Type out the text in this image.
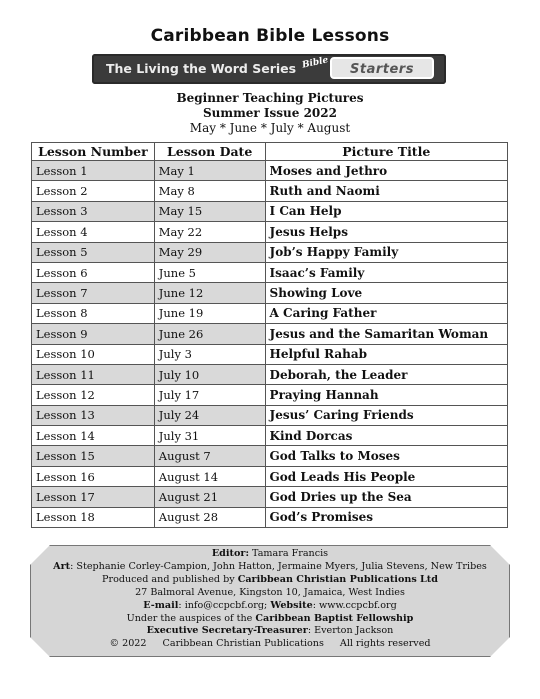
Caribbean Bible Lessons
The Living the Word Series Bible	Starters
Beginner Teaching Pictures
Summer Issue 2022
May * June * July * August
Lesson Number	Lesson Date	Picture Title
Lesson 1	May 1	Moses and Jethro
Lesson 2	May 8	Ruth and Naomi
Lesson 3	May 15	I Can Help
Lesson 4	May 22	Jesus Helps
Lesson 5	May 29	Job’s Happy Family
Lesson 6	June 5	Isaac’s Family
Lesson 7	June 12	Showing Love
Lesson 8	June 19	A Caring Father
Lesson 9	June 26	Jesus and the Samaritan Woman
Lesson 10	July 3	Helpful Rahab
Lesson 11	July 10	Deborah, the Leader
Lesson 12	July 17	Praying Hannah
Lesson 13	July 24	Jesus’ Caring Friends
Lesson 14	July 31	Kind Dorcas
Lesson 15	August 7	God Talks to Moses
Lesson 16	August 14	God Leads His People
Lesson 17	August 21	God Dries up the Sea
Lesson 18	August 28	God’s Promises
Editor: Tamara Francis
Art: Stephanie Corley-Campion, John Hatton, Jermaine Myers, Julia Stevens, New Tribes
Produced and published by Caribbean Christian Publications Ltd
27 Balmoral Avenue, Kingston 10, Jamaica, West Indies
E-mail: info@ccpcbf.org; Website: www.ccpcbf.org
Under the auspices of the Caribbean Baptist Fellowship
Executive Secretary-Treasurer: Everton Jackson
© 2022 Caribbean Christian Publications All rights reserved
